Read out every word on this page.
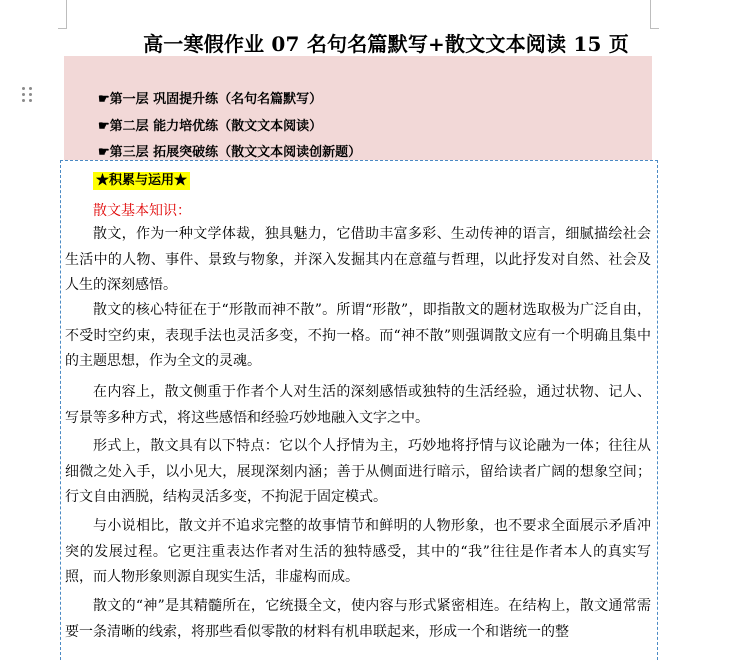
高一寒假作业 07 名句名篇默写+散文文本阅读 15 页
☛第一层 巩固提升练（名句名篇默写）
☛第二层 能力培优练（散文文本阅读）
☛第三层 拓展突破练（散文文本阅读创新题）
★积累与运用★
散文基本知识：

散文，作为一种文学体裁，独具魅力，它借助丰富多彩、生动传神的语言，细腻描绘社会生活中的人物、事件、景致与物象，并深入发掘其内在意蕴与哲理，以此抒发对自然、社会及人生的深刻感悟。

散文的核心特征在于“形散而神不散”。所谓“形散”，即指散文的题材选取极为广泛自由，不受时空约束，表现手法也灵活多变，不拘一格。而“神不散”则强调散文应有一个明确且集中的主题思想，作为全文的灵魂。

在内容上，散文侧重于作者个人对生活的深刻感悟或独特的生活经验，通过状物、记人、写景等多种方式，将这些感悟和经验巧妙地融入文字之中。

形式上，散文具有以下特点：它以个人抒情为主，巧妙地将抒情与议论融为一体；往往从细微之处入手，以小见大，展现深刻内涵；善于从侧面进行暗示，留给读者广阔的想象空间；行文自由洒脱，结构灵活多变，不拘泥于固定模式。

与小说相比，散文并不追求完整的故事情节和鲜明的人物形象，也不要求全面展示矛盾冲突的发展过程。它更注重表达作者对生活的独特感受，其中的“我”往往是作者本人的真实写照，而人物形象则源自现实生活，非虚构而成。

散文的“神”是其精髓所在，它统摄全文，使内容与形式紧密相连。在结构上，散文通常需要一条清晰的线索，将那些看似零散的材料有机串联起来，形成一个和谐统一的整
